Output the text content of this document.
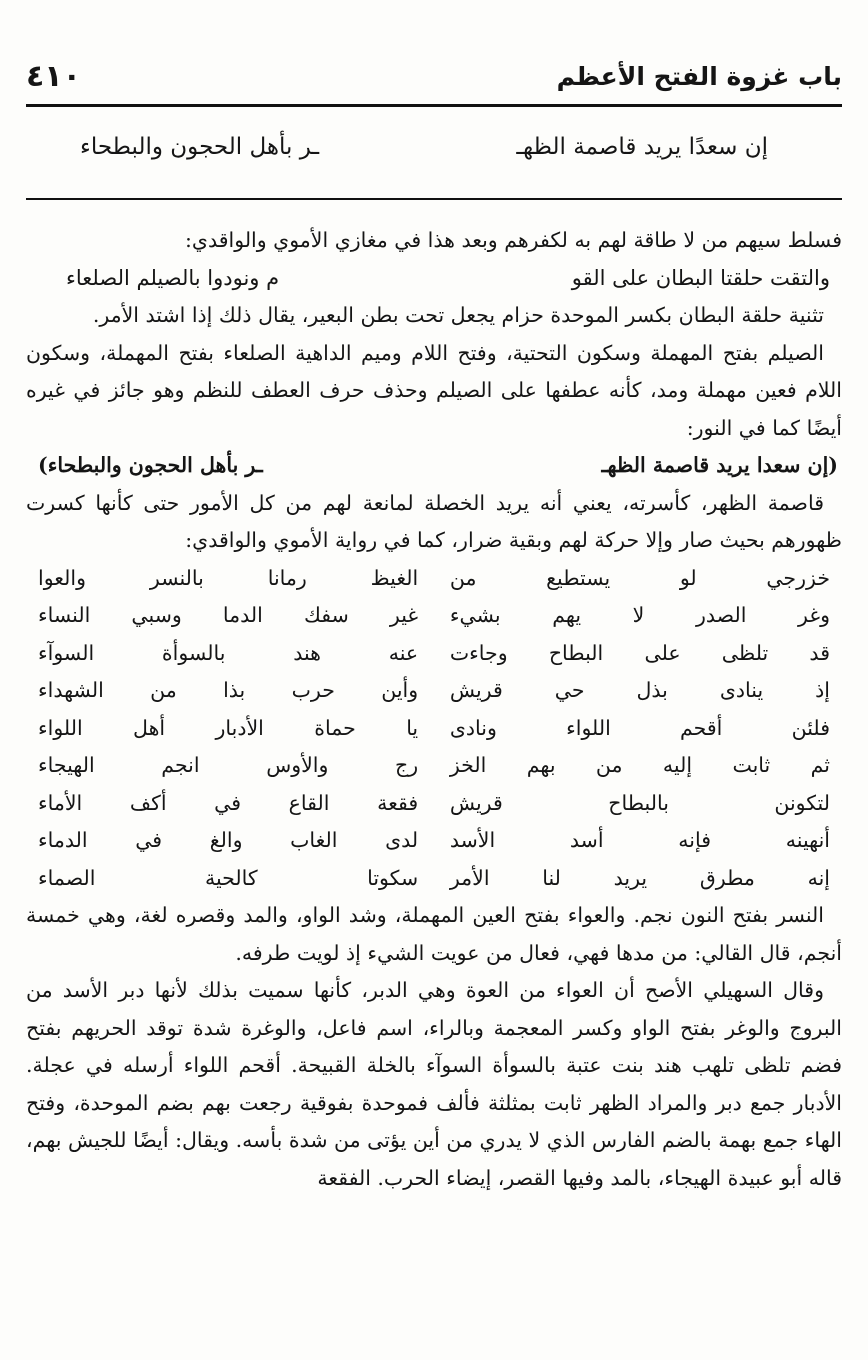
باب غزوة الفتح الأعظم
٤١٠
إن سعدًا يريد قاصمة الظهـ
ـر بأهل الحجون والبطحاء

فسلط سيهم من لا طاقة لهم به لكفرهم وبعد هذا في مغازي الأموي والواقدي:

والتقت حلقتا البطان على القو
م ونودوا بالصيلم الصلعاء

تثنية حلقة البطان بكسر الموحدة حزام يجعل تحت بطن البعير، يقال ذلك إذا اشتد الأمر.

الصيلم بفتح المهملة وسكون التحتية، وفتح اللام وميم الداهية الصلعاء بفتح المهملة، وسكون اللام فعين مهملة ومد، كأنه عطفها على الصيلم وحذف حرف العطف للنظم وهو جائز في غيره أيضًا كما في النور:

(إن سعدا يريد قاصمة الظهـ
ـر بأهل الحجون والبطحاء)

قاصمة الظهر، كأسرته، يعني أنه يريد الخصلة لمانعة لهم من كل الأمور حتى كأنها كسرت ظهورهم بحيث صار وإلا حركة لهم وبقية ضرار، كما في رواية الأموي والواقدي:

خزرجي لو يستطيع من
الغيظ رمانا بالنسر والعوا
وغر الصدر لا يهم بشيء
غير سفك الدما وسبي النساء
قد تلظى على البطاح وجاءت
عنه هند بالسوأة السوآء
إذ ينادى بذل حي قريش
وأين حرب بذا من الشهداء
فلئن أقحم اللواء ونادى
يا حماة الأدبار أهل اللواء
ثم ثابت إليه من بهم الخز
رج والأوس انجم الهيجاء
لتكونن بالبطاح قريش
فقعة القاع في أكف الأماء
أنهينه فإنه أسد الأسد
لدى الغاب والغ في الدماء
إنه مطرق يريد لنا الأمر
سكوتا كالحية الصماء

النسر بفتح النون نجم. والعواء بفتح العين المهملة، وشد الواو، والمد وقصره لغة، وهي خمسة أنجم، قال القالي: من مدها فهي، فعال من عويت الشيء إذ لويت طرفه.

وقال السهيلي الأصح أن العواء من العوة وهي الدبر، كأنها سميت بذلك لأنها دبر الأسد من البروج والوغر بفتح الواو وكسر المعجمة وبالراء، اسم فاعل، والوغرة شدة توقد الحريهم بفتح فضم تلظى تلهب هند بنت عتبة بالسوأة السوآء بالخلة القبيحة. أقحم اللواء أرسله في عجلة. الأدبار جمع دبر والمراد الظهر ثابت بمثلثة فألف فموحدة بفوقية رجعت بهم بضم الموحدة، وفتح الهاء جمع بهمة بالضم الفارس الذي لا يدري من أين يؤتى من شدة بأسه. ويقال: أيضًا للجيش بهم، قاله أبو عبيدة الهيجاء، بالمد وفيها القصر، إيضاء الحرب. الفقعة
